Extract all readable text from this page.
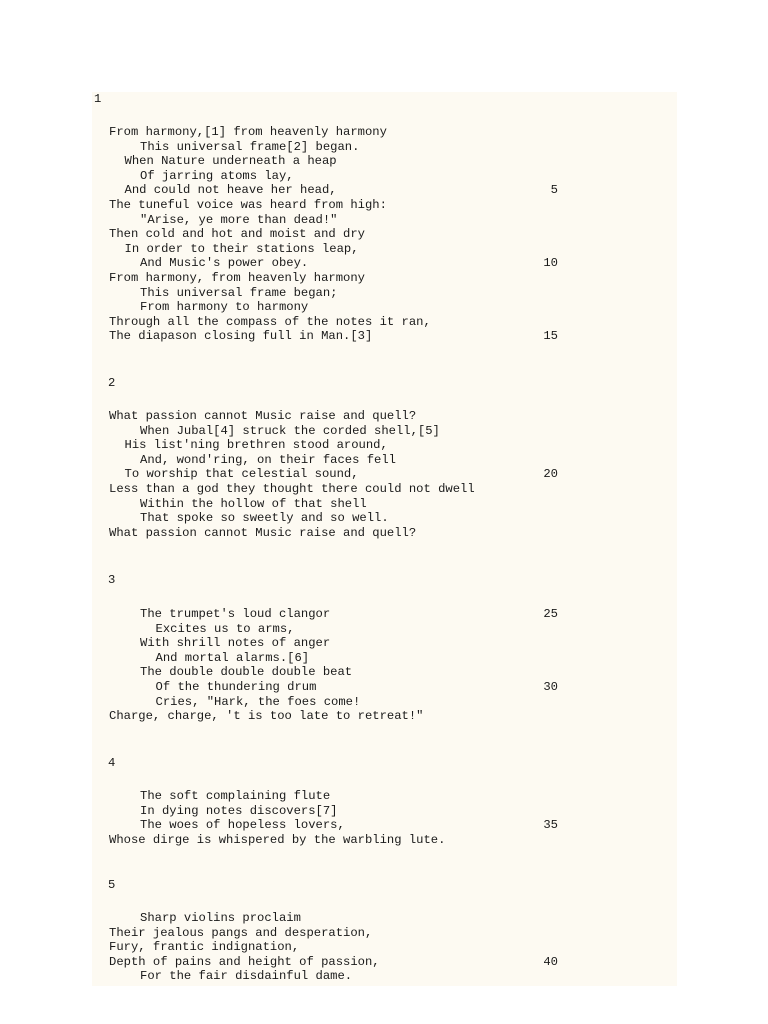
1
From harmony,[1] from heavenly harmony
This universal frame[2] began.
When Nature underneath a heap
Of jarring atoms lay,
And could not heave her head,	5
The tuneful voice was heard from high:
"Arise, ye more than dead!"
Then cold and hot and moist and dry
In order to their stations leap,
And Music's power obey.	10
From harmony, from heavenly harmony
This universal frame began;
From harmony to harmony
Through all the compass of the notes it ran,
The diapason closing full in Man.[3]	15
2
What passion cannot Music raise and quell?
When Jubal[4] struck the corded shell,[5]
His list'ning brethren stood around,
And, wond'ring, on their faces fell
To worship that celestial sound,	20
Less than a god they thought there could not dwell
Within the hollow of that shell
That spoke so sweetly and so well.
What passion cannot Music raise and quell?
3
The trumpet's loud clangor	25
Excites us to arms,
With shrill notes of anger
And mortal alarms.[6]
The double double double beat
Of the thundering drum	30
Cries, "Hark, the foes come!
Charge, charge, 't is too late to retreat!"
4
The soft complaining flute
In dying notes discovers[7]
The woes of hopeless lovers,	35
Whose dirge is whispered by the warbling lute.
5
Sharp violins proclaim
Their jealous pangs and desperation,
Fury, frantic indignation,
Depth of pains and height of passion,	40
For the fair disdainful dame.
